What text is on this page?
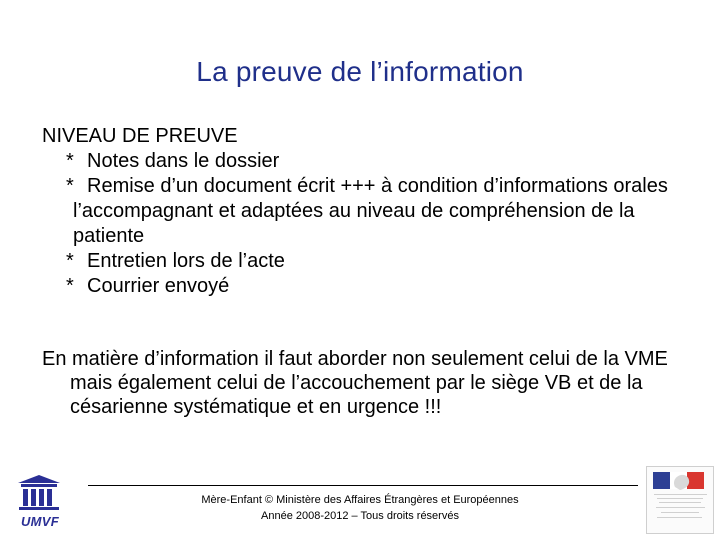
La preuve de l’information
NIVEAU DE PREUVE
* Notes dans le dossier
* Remise d’un document écrit +++ à condition d’informations orales l’accompagnant et adaptées au niveau de compréhension de la patiente
* Entretien lors de l’acte
* Courrier envoyé
En matière d’information il faut aborder non seulement celui de la VME mais également celui de l’accouchement par le siège VB et de la césarienne systématique et en urgence !!!
UMVF
Mère-Enfant © Ministère des Affaires Étrangères et Européennes
Année 2008-2012 – Tous droits réservés
